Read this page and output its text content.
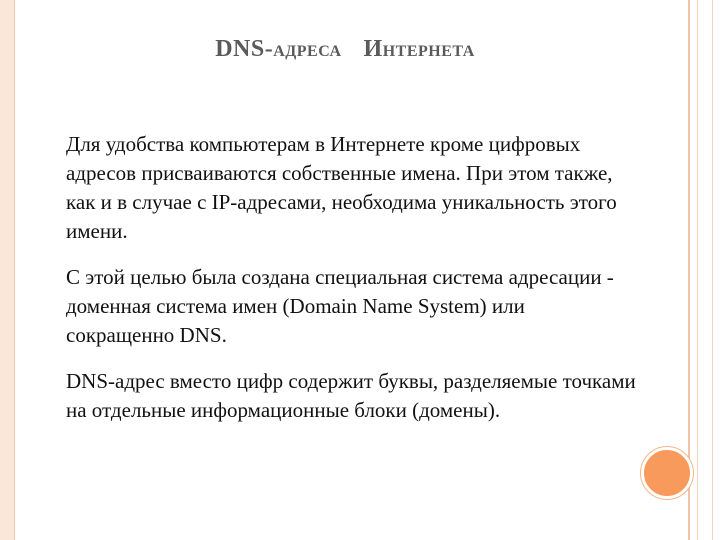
DNS-АДРЕСА ИНТЕРНЕТА

Для удобства компьютерам в Интернете кроме цифровых адресов присваиваются собственные имена. При этом также, как и в случае с IP-адресами, необходима уникальность этого имени.

С этой целью была создана специальная система адресации - доменная система имен (Domain Name System) или сокращенно DNS.

DNS-адрес вместо цифр содержит буквы, разделяемые точками на отдельные информационные блоки (домены).
